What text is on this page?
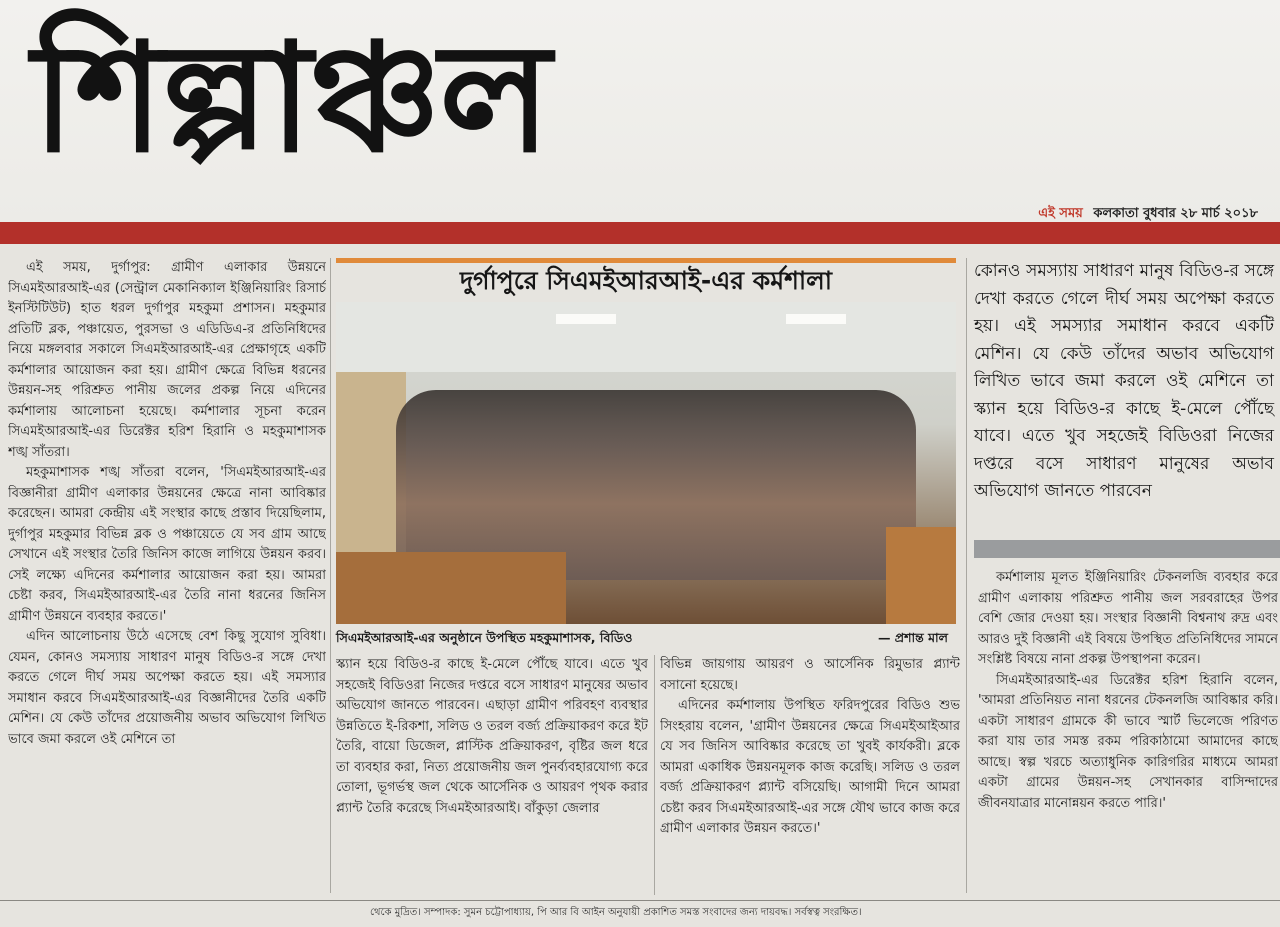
শিল্পাঞ্চল
এই সময় কলকাতা বুধবার ২৮ মার্চ ২০১৮

এই সময়, দুর্গাপুর: গ্রামীণ এলাকার উন্নয়নে সিএমইআরআই-এর (সেন্ট্রাল মেকানিক্যাল ইঞ্জিনিয়ারিং রিসার্চ ইনস্টিটিউট) হাত ধরল দুর্গাপুর মহকুমা প্রশাসন। মহকুমার প্রতিটি ব্লক, পঞ্চায়েত, পুরসভা ও এডিডিএ-র প্রতিনিধিদের নিয়ে মঙ্গলবার সকালে সিএমইআরআই-এর প্রেক্ষাগৃহে একটি কর্মশালার আয়োজন করা হয়। গ্রামীণ ক্ষেত্রে বিভিন্ন ধরনের উন্নয়ন-সহ পরিশ্রুত পানীয় জলের প্রকল্প নিয়ে এদিনের কর্মশালায় আলোচনা হয়েছে। কর্মশালার সূচনা করেন সিএমইআরআই-এর ডিরেক্টর হরিশ হিরানি ও মহকুমাশাসক শঙ্খ সাঁতরা।

মহকুমাশাসক শঙ্খ সাঁতরা বলেন, 'সিএমইআরআই-এর বিজ্ঞানীরা গ্রামীণ এলাকার উন্নয়নের ক্ষেত্রে নানা আবিষ্কার করেছেন। আমরা কেন্দ্রীয় এই সংস্থার কাছে প্রস্তাব দিয়েছিলাম, দুর্গাপুর মহকুমার বিভিন্ন ব্লক ও পঞ্চায়েতে যে সব গ্রাম আছে সেখানে এই সংস্থার তৈরি জিনিস কাজে লাগিয়ে উন্নয়ন করব। সেই লক্ষ্যে এদিনের কর্মশালার আয়োজন করা হয়। আমরা চেষ্টা করব, সিএমইআরআই-এর তৈরি নানা ধরনের জিনিস গ্রামীণ উন্নয়নে ব্যবহার করতে।'

এদিন আলোচনায় উঠে এসেছে বেশ কিছু সুযোগ সুবিধা। যেমন, কোনও সমস্যায় সাধারণ মানুষ বিডিও-র সঙ্গে দেখা করতে গেলে দীর্ঘ সময় অপেক্ষা করতে হয়। এই সমস্যার সমাধান করবে সিএমইআরআই-এর বিজ্ঞানীদের তৈরি একটি মেশিন। যে কেউ তাঁদের প্রয়োজনীয় অভাব অভিযোগ লিখিত ভাবে জমা করলে ওই মেশিনে তা

দুর্গাপুরে সিএমইআরআই-এর কর্মশালা
সিএমইআরআই-এর অনুষ্ঠানে উপস্থিত মহকুমাশাসক, বিডিও	— প্রশান্ত মাল

স্ক্যান হয়ে বিডিও-র কাছে ই-মেলে পৌঁছে যাবে। এতে খুব সহজেই বিডিওরা নিজের দপ্তরে বসে সাধারণ মানুষের অভাব অভিযোগ জানতে পারবেন। এছাড়া গ্রামীণ পরিবহণ ব্যবস্থার উন্নতিতে ই-রিকশা, সলিড ও তরল বর্জ্য প্রক্রিয়াকরণ করে ইট তৈরি, বায়ো ডিজেল, প্লাস্টিক প্রক্রিয়াকরণ, বৃষ্টির জল ধরে তা ব্যবহার করা, নিত্য প্রয়োজনীয় জল পুনর্ব্যবহারযোগ্য করে তোলা, ভূগর্ভস্থ জল থেকে আর্সেনিক ও আয়রণ পৃথক করার প্ল্যান্ট তৈরি করেছে সিএমইআরআই। বাঁকুড়া জেলার

বিভিন্ন জায়গায় আয়রণ ও আর্সেনিক রিমুভার প্ল্যান্ট বসানো হয়েছে।

এদিনের কর্মশালায় উপস্থিত ফরিদপুরের বিডিও শুভ সিংহরায় বলেন, 'গ্রামীণ উন্নয়নের ক্ষেত্রে সিএমইআইআর যে সব জিনিস আবিষ্কার করেছে তা খুবই কার্যকরী। ব্লকে আমরা একাধিক উন্নয়নমূলক কাজ করেছি। সলিড ও তরল বর্জ্য প্রক্রিয়াকরণ প্ল্যান্ট বসিয়েছি। আগামী দিনে আমরা চেষ্টা করব সিএমইআরআই-এর সঙ্গে যৌথ ভাবে কাজ করে গ্রামীণ এলাকার উন্নয়ন করতে।'

কোনও সমস্যায় সাধারণ মানুষ বিডিও-র সঙ্গে দেখা করতে গেলে দীর্ঘ সময় অপেক্ষা করতে হয়। এই সমস্যার সমাধান করবে একটি মেশিন। যে কেউ তাঁদের অভাব অভিযোগ লিখিত ভাবে জমা করলে ওই মেশিনে তা স্ক্যান হয়ে বিডিও-র কাছে ই-মেলে পৌঁছে যাবে। এতে খুব সহজেই বিডিওরা নিজের দপ্তরে বসে সাধারণ মানুষের অভাব অভিযোগ জানতে পারবেন

কর্মশালায় মূলত ইঞ্জিনিয়ারিং টেকনলজি ব্যবহার করে গ্রামীণ এলাকায় পরিশ্রুত পানীয় জল সরবরাহের উপর বেশি জোর দেওয়া হয়। সংস্থার বিজ্ঞানী বিশ্বনাথ রুদ্র এবং আরও দুই বিজ্ঞানী এই বিষয়ে উপস্থিত প্রতিনিধিদের সামনে সংশ্লিষ্ট বিষয়ে নানা প্রকল্প উপস্থাপনা করেন।

সিএমইআরআই-এর ডিরেক্টর হরিশ হিরানি বলেন, 'আমরা প্রতিনিয়ত নানা ধরনের টেকনলজি আবিষ্কার করি। একটা সাধারণ গ্রামকে কী ভাবে স্মার্ট ভিলেজে পরিণত করা যায় তার সমস্ত রকম পরিকাঠামো আমাদের কাছে আছে। স্বল্প খরচে অত্যাধুনিক কারিগরির মাধ্যমে আমরা একটা গ্রামের উন্নয়ন-সহ সেখানকার বাসিন্দাদের জীবনযাত্রার মানোন্নয়ন করতে পারি।'

থেকে মুদ্রিত। সম্পাদক: সুমন চট্টোপাধ্যায়, পি আর বি আইন অনুযায়ী প্রকাশিত সমস্ত সংবাদের জন্য দায়বদ্ধ। সর্বস্বত্ব সংরক্ষিত।
